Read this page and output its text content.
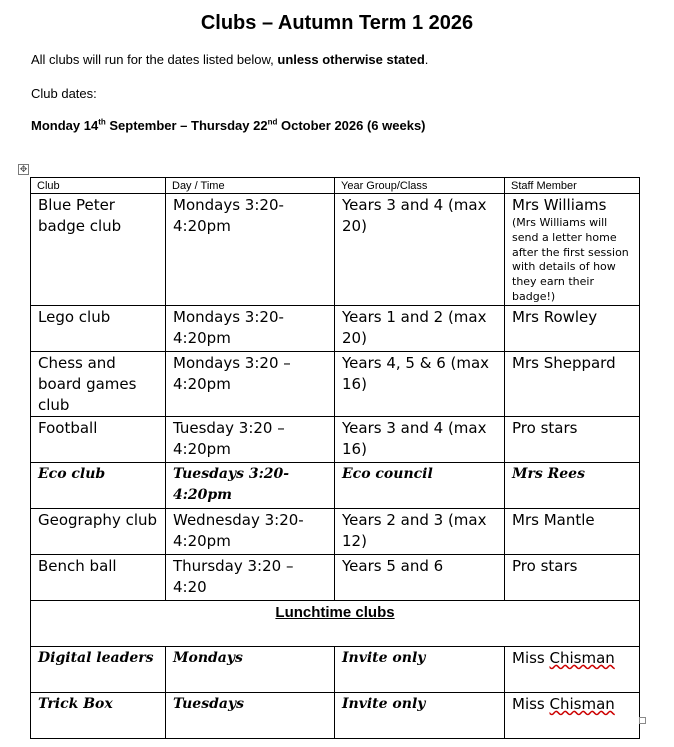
Clubs – Autumn Term 1 2026
All clubs will run for the dates listed below, unless otherwise stated.
Club dates:
Monday 14th September – Thursday 22nd October 2026 (6 weeks)
✥
Club	Day / Time	Year Group/Class	Staff Member
Blue Peter badge club	Mondays 3:20-4:20pm	Years 3 and 4 (max 20)	Mrs Williams
(Mrs Williams will send a letter home after the first session with details of how they earn their badge!)

Lego club	Mondays 3:20-4:20pm	Years 1 and 2 (max 20)	Mrs Rowley
Chess and board games club	Mondays 3:20 – 4:20pm	Years 4, 5 & 6 (max 16)	Mrs Sheppard
Football	Tuesday 3:20 – 4:20pm	Years 3 and 4 (max 16)	Pro stars
Eco club	Tuesdays 3:20-4:20pm	Eco council	Mrs Rees
Geography club	Wednesday 3:20-4:20pm	Years 2 and 3 (max 12)	Mrs Mantle
Bench ball	Thursday 3:20 – 4:20	Years 5 and 6	Pro stars
Lunchtime clubs			
Digital leaders	Mondays	Invite only	Miss Chisman
Trick Box	Tuesdays	Invite only	Miss Chisman
